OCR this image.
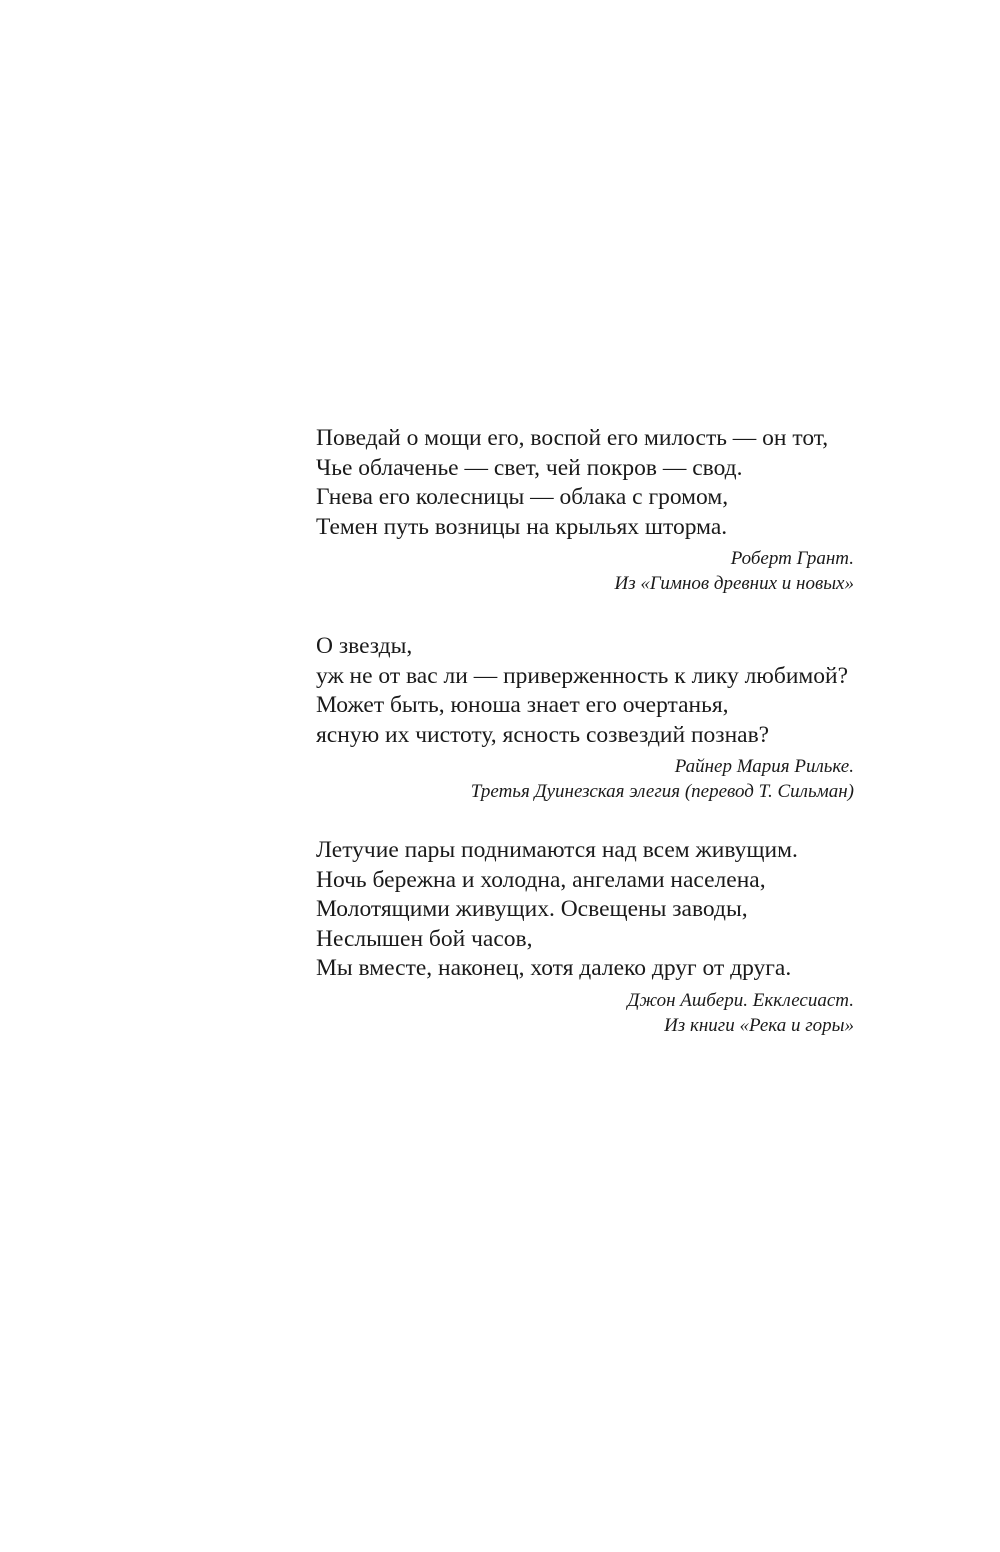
Поведай о мощи его, воспой его милость — он тот,
Чье облаченье — свет, чей покров — свод.
Гнева его колесницы — облака с громом,
Темен путь возницы на крыльях шторма.
Роберт Грант.
Из «Гимнов древних и новых»
О звезды,
уж не от вас ли — приверженность к лику любимой?
Может быть, юноша знает его очертанья,
ясную их чистоту, ясность созвездий познав?
Райнер Мария Рильке.
Третья Дуинезская элегия (перевод Т. Сильман)
Летучие пары поднимаются над всем живущим.
Ночь бережна и холодна, ангелами населена,
Молотящими живущих. Освещены заводы,
Неслышен бой часов,
Мы вместе, наконец, хотя далеко друг от друга.
Джон Ашбери. Екклесиаст.
Из книги «Река и горы»
